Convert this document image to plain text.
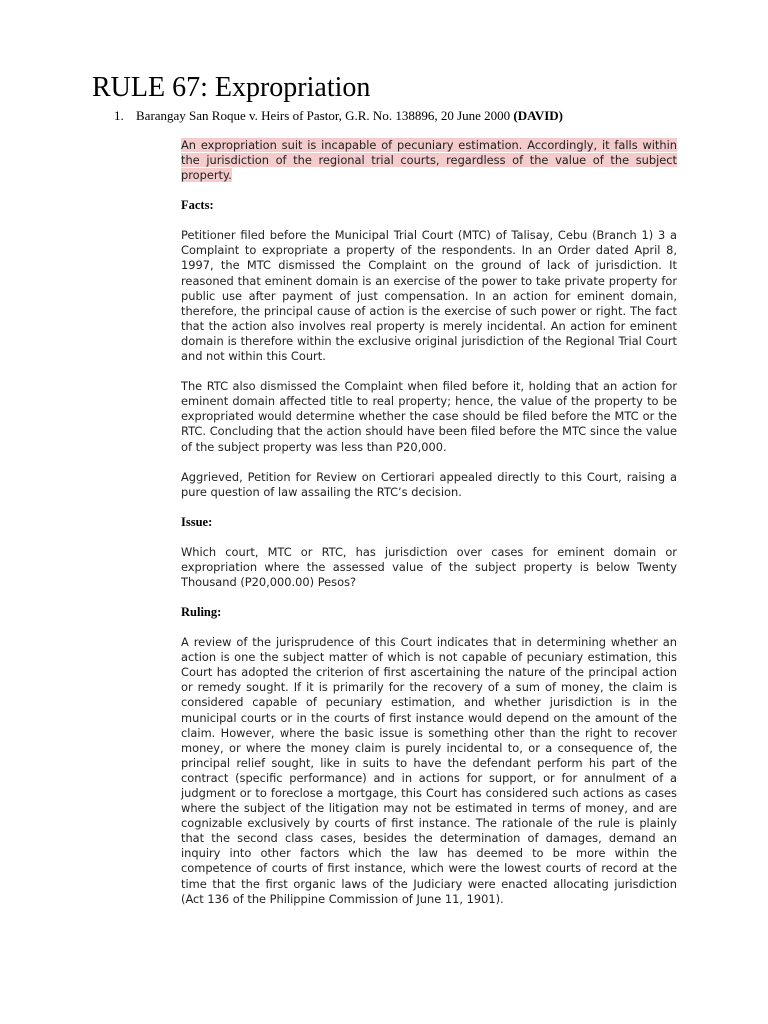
RULE 67: Expropriation
1. Barangay San Roque v. Heirs of Pastor, G.R. No. 138896, 20 June 2000 (DAVID)

An expropriation suit is incapable of pecuniary estimation. Accordingly, it falls within the jurisdiction of the regional trial courts, regardless of the value of the subject property.

Facts:

Petitioner filed before the Municipal Trial Court (MTC) of Talisay, Cebu (Branch 1) 3 a Complaint to expropriate a property of the respondents. In an Order dated April 8, 1997, the MTC dismissed the Complaint on the ground of lack of jurisdiction. It reasoned that eminent domain is an exercise of the power to take private property for public use after payment of just compensation. In an action for eminent domain, therefore, the principal cause of action is the exercise of such power or right. The fact that the action also involves real property is merely incidental. An action for eminent domain is therefore within the exclusive original jurisdiction of the Regional Trial Court and not within this Court.

The RTC also dismissed the Complaint when filed before it, holding that an action for eminent domain affected title to real property; hence, the value of the property to be expropriated would determine whether the case should be filed before the MTC or the RTC. Concluding that the action should have been filed before the MTC since the value of the subject property was less than P20,000.

Aggrieved, Petition for Review on Certiorari appealed directly to this Court, raising a pure question of law assailing the RTC’s decision.

Issue:

Which court, MTC or RTC, has jurisdiction over cases for eminent domain or expropriation where the assessed value of the subject property is below Twenty Thousand (P20,000.00) Pesos?

Ruling:

A review of the jurisprudence of this Court indicates that in determining whether an action is one the subject matter of which is not capable of pecuniary estimation, this Court has adopted the criterion of first ascertaining the nature of the principal action or remedy sought. If it is primarily for the recovery of a sum of money, the claim is considered capable of pecuniary estimation, and whether jurisdiction is in the municipal courts or in the courts of first instance would depend on the amount of the claim. However, where the basic issue is something other than the right to recover money, or where the money claim is purely incidental to, or a consequence of, the principal relief sought, like in suits to have the defendant perform his part of the contract (specific performance) and in actions for support, or for annulment of a judgment or to foreclose a mortgage, this Court has considered such actions as cases where the subject of the litigation may not be estimated in terms of money, and are cognizable exclusively by courts of first instance. The rationale of the rule is plainly that the second class cases, besides the determination of damages, demand an inquiry into other factors which the law has deemed to be more within the competence of courts of first instance, which were the lowest courts of record at the time that the first organic laws of the Judiciary were enacted allocating jurisdiction (Act 136 of the Philippine Commission of June 11, 1901).
